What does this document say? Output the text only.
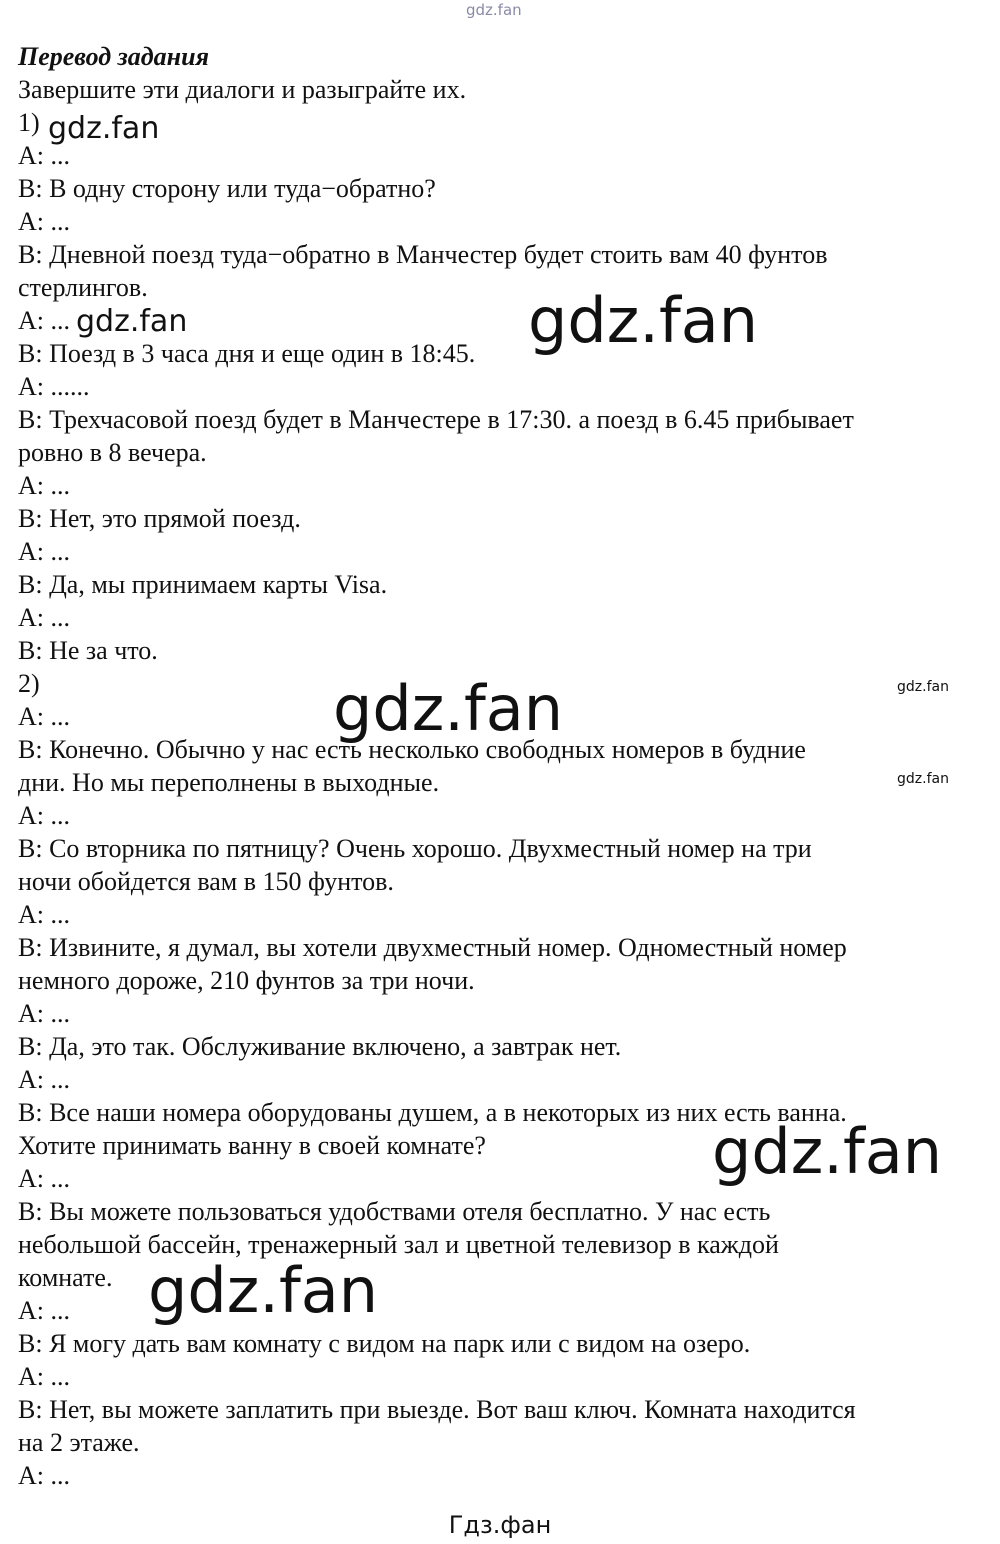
Перевод задания
Завершите эти диалоги и разыграйте их.
1)
A: ...
B: В одну сторону или туда−обратно?
A: ...
B: Дневной поезд туда−обратно в Манчестер будет стоить вам 40 фунтов
стерлингов.
A: ...
B: Поезд в 3 часа дня и еще один в 18:45.
A: ......
B: Трехчасовой поезд будет в Манчестере в 17:30. а поезд в 6.45 прибывает
ровно в 8 вечера.
A: ...
B: Нет, это прямой поезд.
A: ...
B: Да, мы принимаем карты Visa.
A: ...
B: Не за что.
2)
A: ...
B: Конечно. Обычно у нас есть несколько свободных номеров в будние
дни. Но мы переполнены в выходные.
A: ...
B: Со вторника по пятницу? Очень хорошо. Двухместный номер на три
ночи обойдется вам в 150 фунтов.
A: ...
B: Извините, я думал, вы хотели двухместный номер. Одноместный номер
немного дороже, 210 фунтов за три ночи.
A: ...
B: Да, это так. Обслуживание включено, а завтрак нет.
A: ...
B: Все наши номера оборудованы душем, а в некоторых из них есть ванна.
Хотите принимать ванну в своей комнате?
A: ...
B: Вы можете пользоваться удобствами отеля бесплатно. У нас есть
небольшой бассейн, тренажерный зал и цветной телевизор в каждой
комнате.
A: ...
B: Я могу дать вам комнату с видом на парк или с видом на озеро.
A: ...
B: Нет, вы можете заплатить при выезде. Вот ваш ключ. Комната находится
на 2 этаже.
A: ...
gdz.fan
gdz.fan
gdz.fan	gdz.fan
gdz.fan
gdz.fan
gdz.fan
gdz.fan
gdz.fan
Гдз.фан
